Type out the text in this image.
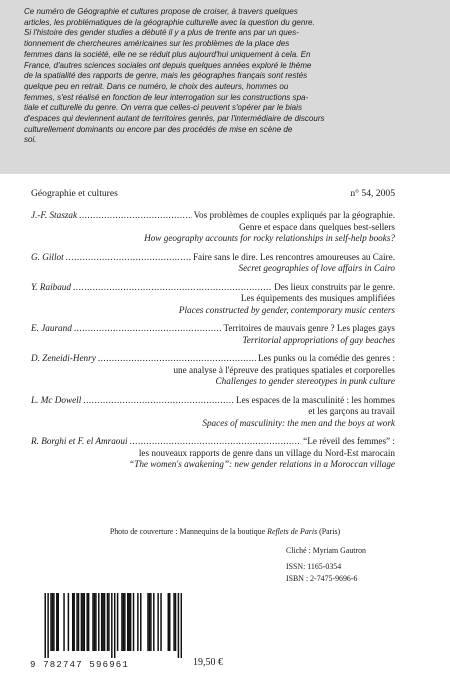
Ce numéro de Géographie et cultures propose de croiser, à travers quelques
articles, les problématiques de la géographie culturelle avec la question du genre.
Si l'histoire des gender studies a débuté il y a plus de trente ans par un ques-
tionnement de chercheures américaines sur les problèmes de la place des
femmes dans la société, elle ne se réduit plus aujourd'hui uniquement à cela. En
France, d'autres sciences sociales ont depuis quelques années exploré le thème
de la spatialité des rapports de genre, mais les géographes français sont restés
quelque peu en retrait. Dans ce numéro, le choix des auteurs, hommes ou
femmes, s'est réalisé en fonction de leur interrogation sur les constructions spa-
tiale et culturelle du genre. On verra que celles-ci peuvent s'opérer par le biais
d'espaces qui deviennent autant de territoires genrés, par l'intermédiaire de discours
culturellement dominants ou encore par des procédés de mise en scène de
soi.
Géographie et cultures	n° 54, 2005
J.-F. Staszak .....	Vos problèmes de couples expliqués par la géographie.
Genre et espace dans quelques best-sellers
How geography accounts for rocky relationships in self-help books?
G. Gillot .....	Faire sans le dire. Les rencontres amoureuses au Caire.
Secret geographies of love affairs in Cairo
Y. Raibaud .....	Des lieux construits par le genre.
Les équipements des musiques amplifiées
Places constructed by gender, contemporary music centers
E. Jaurand .....	Territoires de mauvais genre ? Les plages gays
Territorial appropriations of gay beaches
D. Zeneidi-Henry .....	Les punks ou la comédie des genres :
une analyse à l'épreuve des pratiques spatiales et corporelles
Challenges to gender stereotypes in punk culture
L. Mc Dowell .....	Les espaces de la masculinité : les hommes
et les garçons au travail
Spaces of masculinity: the men and the boys at work
R. Borghi et F. el Amraoui .....	“Le réveil des femmes” :
les nouveaux rapports de genre dans un village du Nord-Est marocain
“The women's awakening”: new gender relations in a Moroccan village
Photo de couverture : Mannequins de la boutique Reflets de Paris (Paris)
Cliché : Myriam Gautron
ISSN: 1165-0354
ISBN : 2-7475-9696-6
9 782747 596961	19,50 €
